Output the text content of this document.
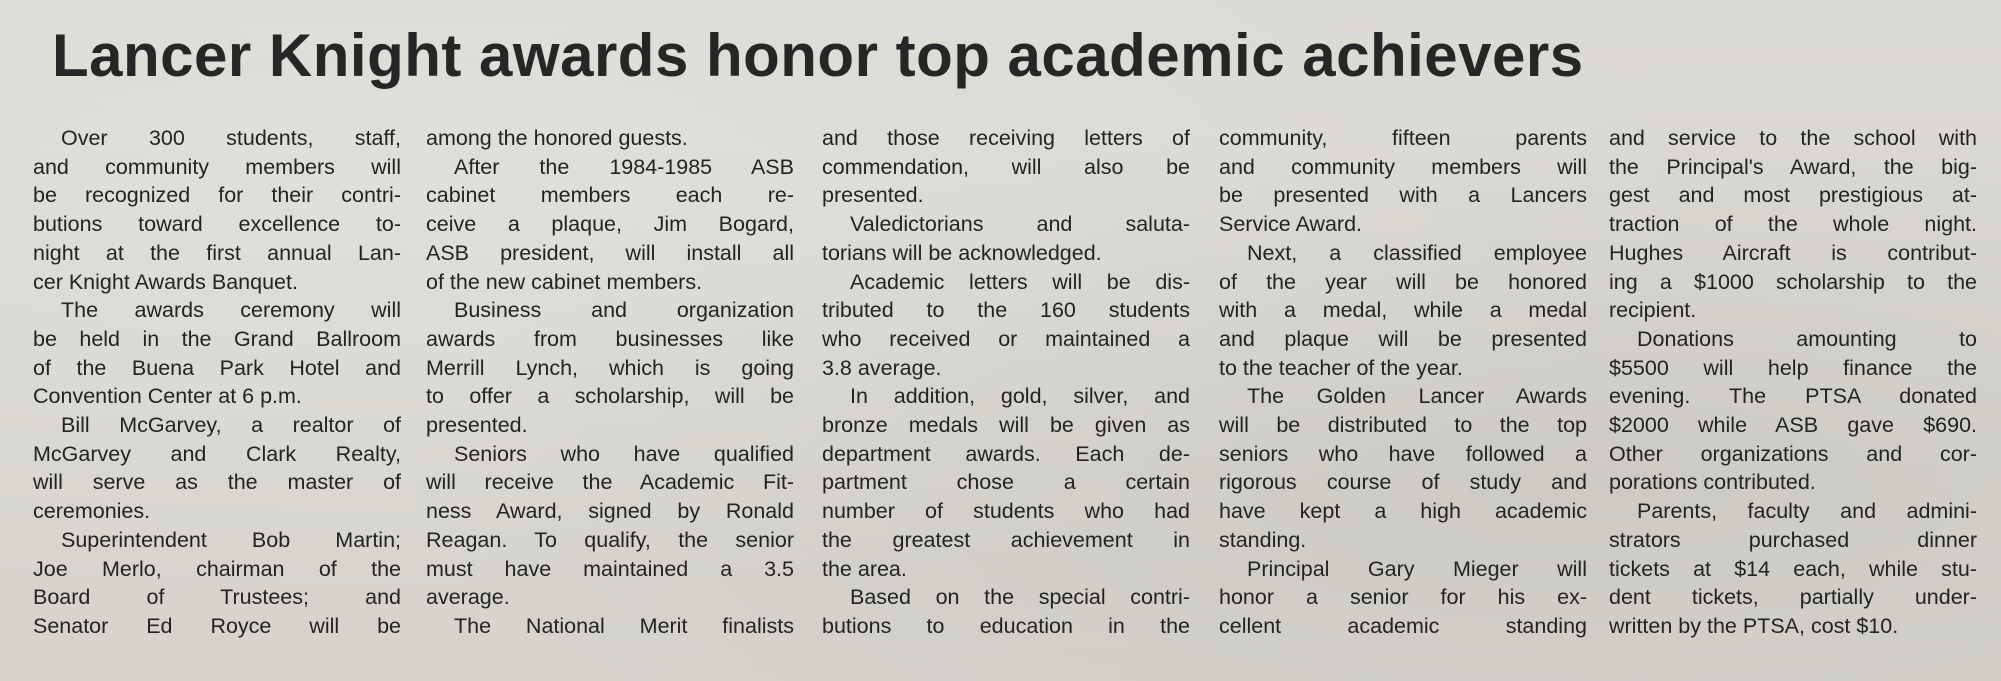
Lancer Knight awards honor top academic achievers
Over 300 students, staff,
and community members will
be recognized for their contri-
butions toward excellence to-
night at the first annual Lan-
cer Knight Awards Banquet.
The awards ceremony will
be held in the Grand Ballroom
of the Buena Park Hotel and
Convention Center at 6 p.m.
Bill McGarvey, a realtor of
McGarvey and Clark Realty,
will serve as the master of
ceremonies.
Superintendent Bob Martin;
Joe Merlo, chairman of the
Board of Trustees; and
Senator Ed Royce will be
among the honored guests.
After the 1984-1985 ASB
cabinet members each re-
ceive a plaque, Jim Bogard,
ASB president, will install all
of the new cabinet members.
Business and organization
awards from businesses like
Merrill Lynch, which is going
to offer a scholarship, will be
presented.
Seniors who have qualified
will receive the Academic Fit-
ness Award, signed by Ronald
Reagan. To qualify, the senior
must have maintained a 3.5
average.
The National Merit finalists
and those receiving letters of
commendation, will also be
presented.
Valedictorians and saluta-
torians will be acknowledged.
Academic letters will be dis-
tributed to the 160 students
who received or maintained a
3.8 average.
In addition, gold, silver, and
bronze medals will be given as
department awards. Each de-
partment chose a certain
number of students who had
the greatest achievement in
the area.
Based on the special contri-
butions to education in the
community, fifteen parents
and community members will
be presented with a Lancers
Service Award.
Next, a classified employee
of the year will be honored
with a medal, while a medal
and plaque will be presented
to the teacher of the year.
The Golden Lancer Awards
will be distributed to the top
seniors who have followed a
rigorous course of study and
have kept a high academic
standing.
Principal Gary Mieger will
honor a senior for his ex-
cellent academic standing
and service to the school with
the Principal's Award, the big-
gest and most prestigious at-
traction of the whole night.
Hughes Aircraft is contribut-
ing a $1000 scholarship to the
recipient.
Donations amounting to
$5500 will help finance the
evening. The PTSA donated
$2000 while ASB gave $690.
Other organizations and cor-
porations contributed.
Parents, faculty and admini-
strators purchased dinner
tickets at $14 each, while stu-
dent tickets, partially under-
written by the PTSA, cost $10.
